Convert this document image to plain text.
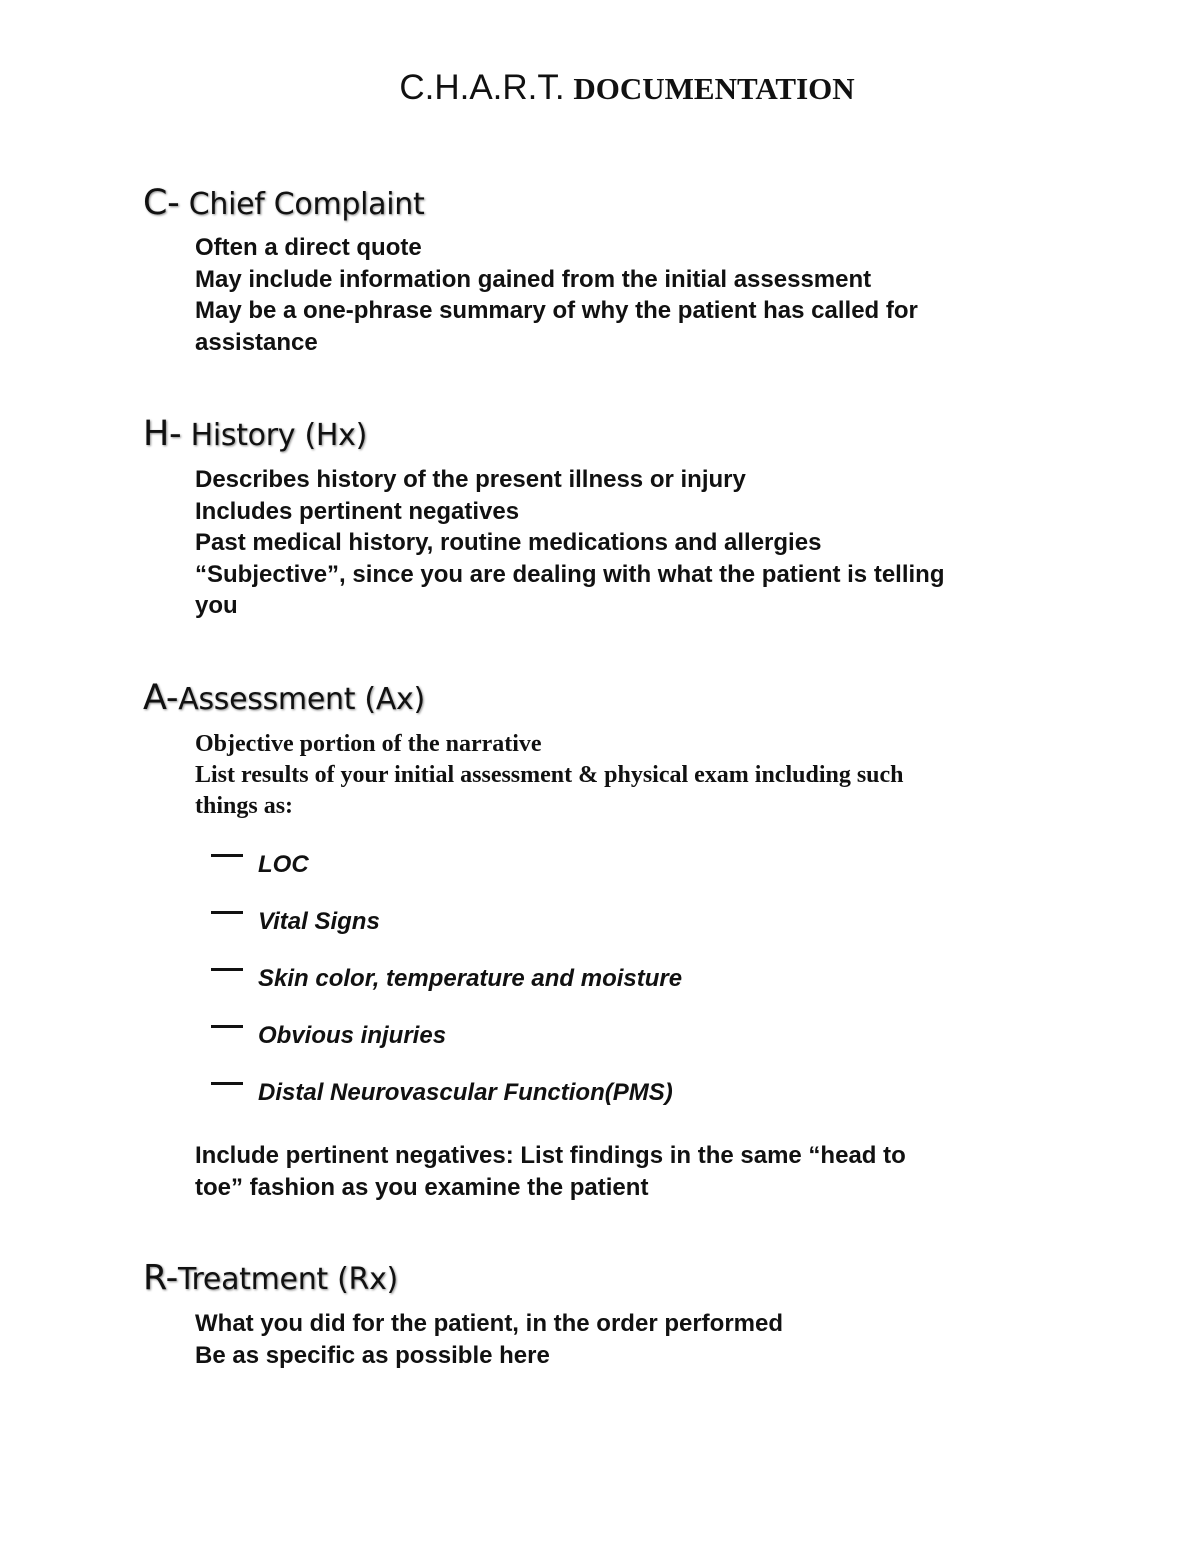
C.H.A.R.T. DOCUMENTATION
C- Chief Complaint
Often a direct quote
May include information gained from the initial assessment
May be a one-phrase summary of why the patient has called for
assistance
H- History (Hx)
Describes history of the present illness or injury
Includes pertinent negatives
Past medical history, routine medications and allergies
“Subjective”, since you are dealing with what the patient is telling
you
A-Assessment (Ax)
Objective portion of the narrative
List results of your initial assessment & physical exam including such
things as:
LOC
Vital Signs
Skin color, temperature and moisture
Obvious injuries
Distal Neurovascular Function(PMS)
Include pertinent negatives: List findings in the same “head to
toe” fashion as you examine the patient
R-Treatment (Rx)
What you did for the patient, in the order performed
Be as specific as possible here
